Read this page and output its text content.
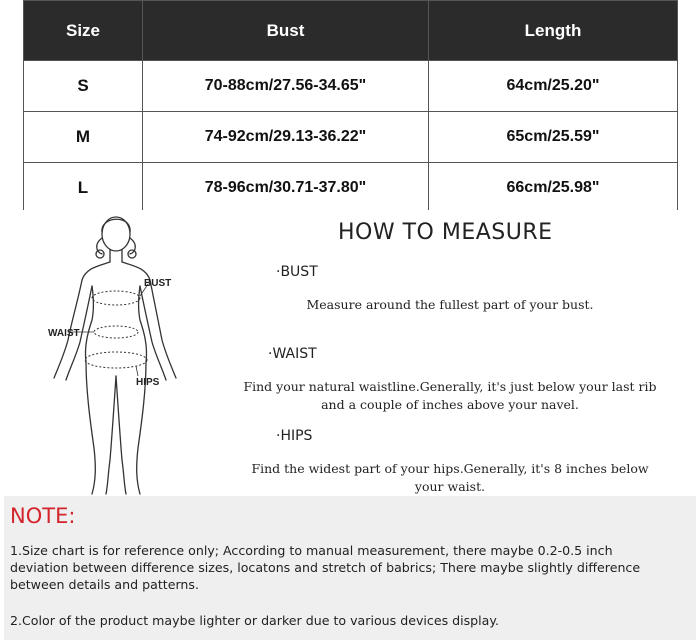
Size	Bust	Length
S	70-88cm/27.56-34.65"	64cm/25.20"
M	74-92cm/29.13-36.22"	65cm/25.59"
L	78-96cm/30.71-37.80"	66cm/25.98"
BUST
WAIST
HIPS
HOW TO MEASURE
·BUST
Measure around the fullest part of your bust.
·WAIST
Find your natural waistline.Generally, it's just below your last rib
and a couple of inches above your navel.
·HIPS
Find the widest part of your hips.Generally, it's 8 inches below
your waist.
NOTE:
1.Size chart is for reference only; According to manual measurement, there maybe 0.2-0.5 inch
deviation between difference sizes, locatons and stretch of babrics; There maybe slightly difference
between details and patterns.
2.Color of the product maybe lighter or darker due to various devices display.
